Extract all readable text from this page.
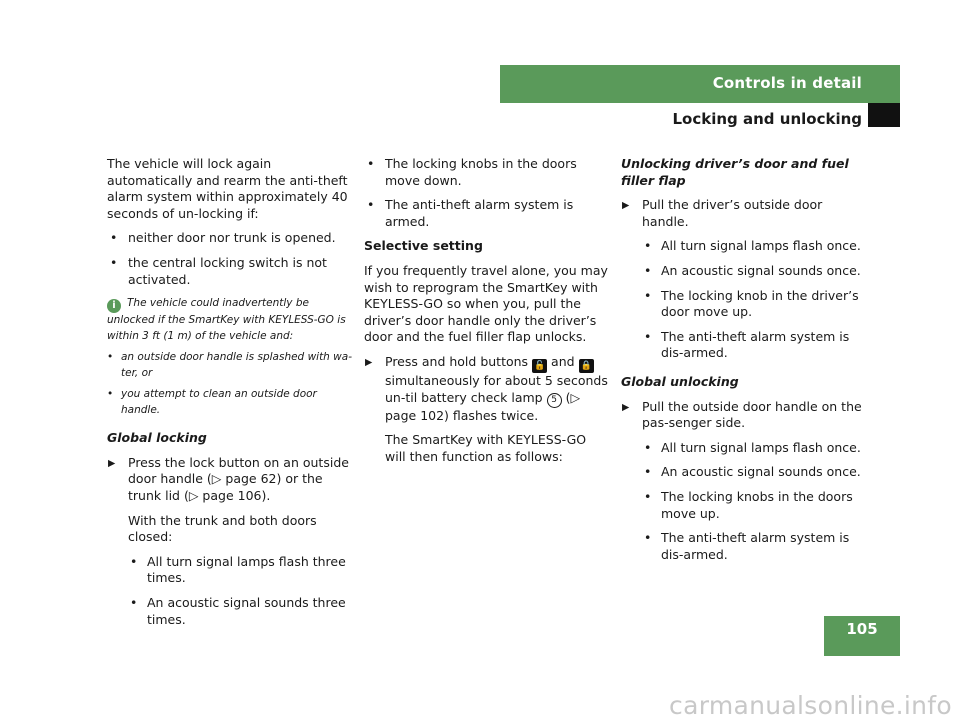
Controls in detail
Locking and unlocking

The vehicle will lock again automatically and rearm the anti-theft alarm system within approximately 40 seconds of un-locking if:

• neither door nor trunk is opened.
• the central locking switch is not activated.

i The vehicle could inadvertently be unlocked if the SmartKey with KEYLESS-GO is within 3 ft (1 m) of the vehicle and:

• an outside door handle is splashed with wa-ter, or
• you attempt to clean an outside door handle.
Global locking
▶ Press the lock button on an outside door handle (▷ page 62) or the trunk lid (▷ page 106).

With the trunk and both doors closed:

• All turn signal lamps flash three times.
• An acoustic signal sounds three times.
• The locking knobs in the doors move down.
• The anti-theft alarm system is armed.
Selective setting

If you frequently travel alone, you may wish to reprogram the SmartKey with KEYLESS-GO so when you, pull the driver’s door handle only the driver’s door and the fuel filler flap unlocks.

▶ Press and hold buttons 🔓 and 🔒 simultaneously for about 5 seconds un-til battery check lamp 5 (▷ page 102) flashes twice.

The SmartKey with KEYLESS-GO will then function as follows:

Unlocking driver’s door and fuel filler flap
▶ Pull the driver’s outside door handle.
• All turn signal lamps flash once.
• An acoustic signal sounds once.
• The locking knob in the driver’s door move up.
• The anti-theft alarm system is dis-armed.
Global unlocking
▶ Pull the outside door handle on the pas-senger side.
• All turn signal lamps flash once.
• An acoustic signal sounds once.
• The locking knobs in the doors move up.
• The anti-theft alarm system is dis-armed.
105
carmanualsonline.info
